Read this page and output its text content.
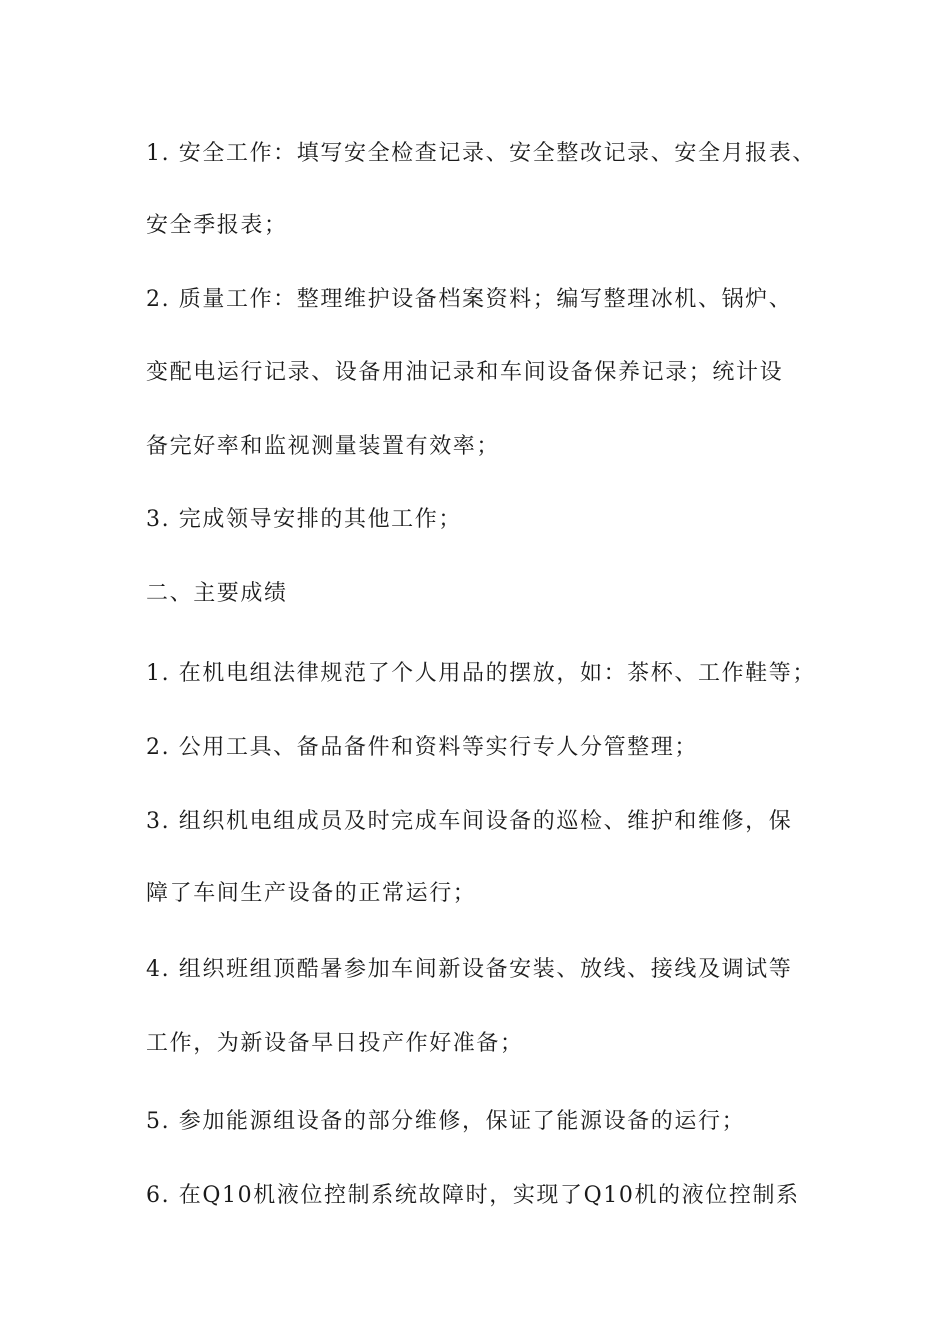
1. 安全工作：填写安全检查记录、安全整改记录、安全月报表、
安全季报表；
2. 质量工作：整理维护设备档案资料；编写整理冰机、锅炉、
变配电运行记录、设备用油记录和车间设备保养记录；统计设
备完好率和监视测量装置有效率；
3. 完成领导安排的其他工作；
二、主要成绩
1. 在机电组法律规范了个人用品的摆放，如：茶杯、工作鞋等；
2. 公用工具、备品备件和资料等实行专人分管整理；
3. 组织机电组成员及时完成车间设备的巡检、维护和维修，保
障了车间生产设备的正常运行；
4. 组织班组顶酷暑参加车间新设备安装、放线、接线及调试等
工作，为新设备早日投产作好准备；
5. 参加能源组设备的部分维修，保证了能源设备的运行；
6. 在Q10机液位控制系统故障时，实现了Q10机的液位控制系
